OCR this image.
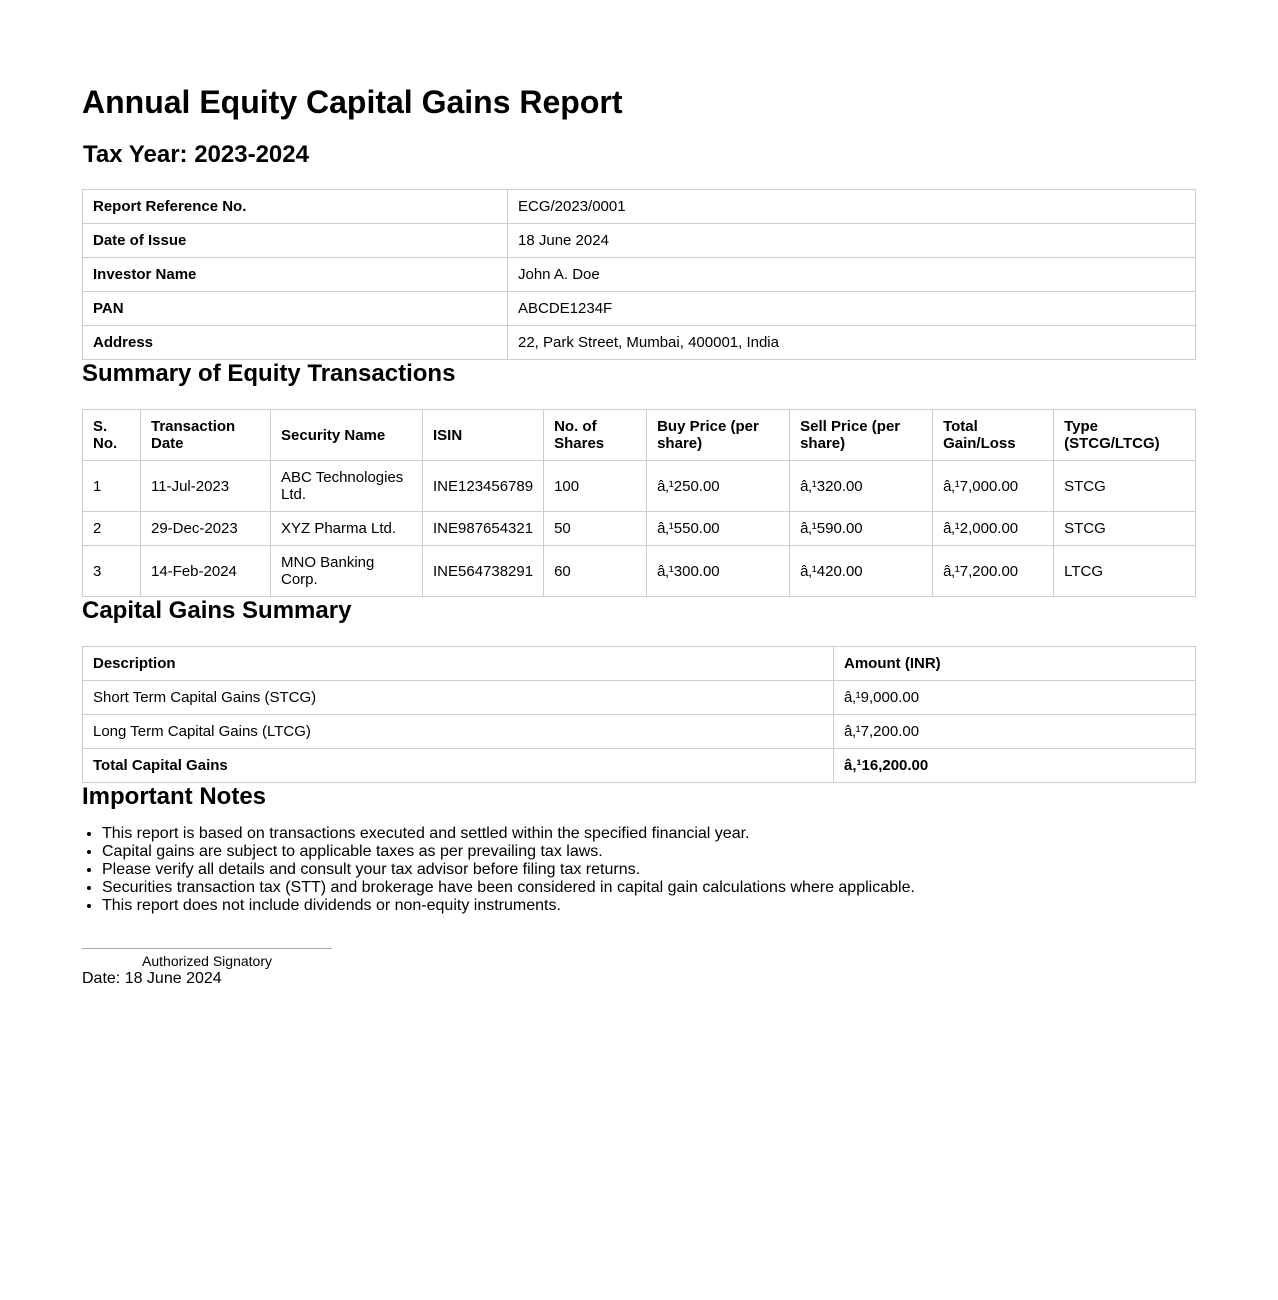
Annual Equity Capital Gains Report
Tax Year: 2023-2024
Report Reference No.	ECG/2023/0001
Date of Issue	18 June 2024
Investor Name	John A. Doe
PAN	ABCDE1234F
Address	22, Park Street, Mumbai, 400001, India
Summary of Equity Transactions
S. No.	Transaction Date	Security Name	ISIN	No. of Shares	Buy Price (per share)	Sell Price (per share)	Total Gain/Loss	Type (STCG/LTCG)
1	11-Jul-2023	ABC Technologies Ltd.	INE123456789	100	â‚¹250.00	â‚¹320.00	â‚¹7,000.00	STCG
2	29-Dec-2023	XYZ Pharma Ltd.	INE987654321	50	â‚¹550.00	â‚¹590.00	â‚¹2,000.00	STCG
3	14-Feb-2024	MNO Banking Corp.	INE564738291	60	â‚¹300.00	â‚¹420.00	â‚¹7,200.00	LTCG
Capital Gains Summary
Description	Amount (INR)
Short Term Capital Gains (STCG)	â‚¹9,000.00
Long Term Capital Gains (LTCG)	â‚¹7,200.00
Total Capital Gains	â‚¹16,200.00
Important Notes
• This report is based on transactions executed and settled within the specified financial year.
• Capital gains are subject to applicable taxes as per prevailing tax laws.
• Please verify all details and consult your tax advisor before filing tax returns.
• Securities transaction tax (STT) and brokerage have been considered in capital gain calculations where applicable.
• This report does not include dividends or non-equity instruments.
Authorized Signatory
Date: 18 June 2024
